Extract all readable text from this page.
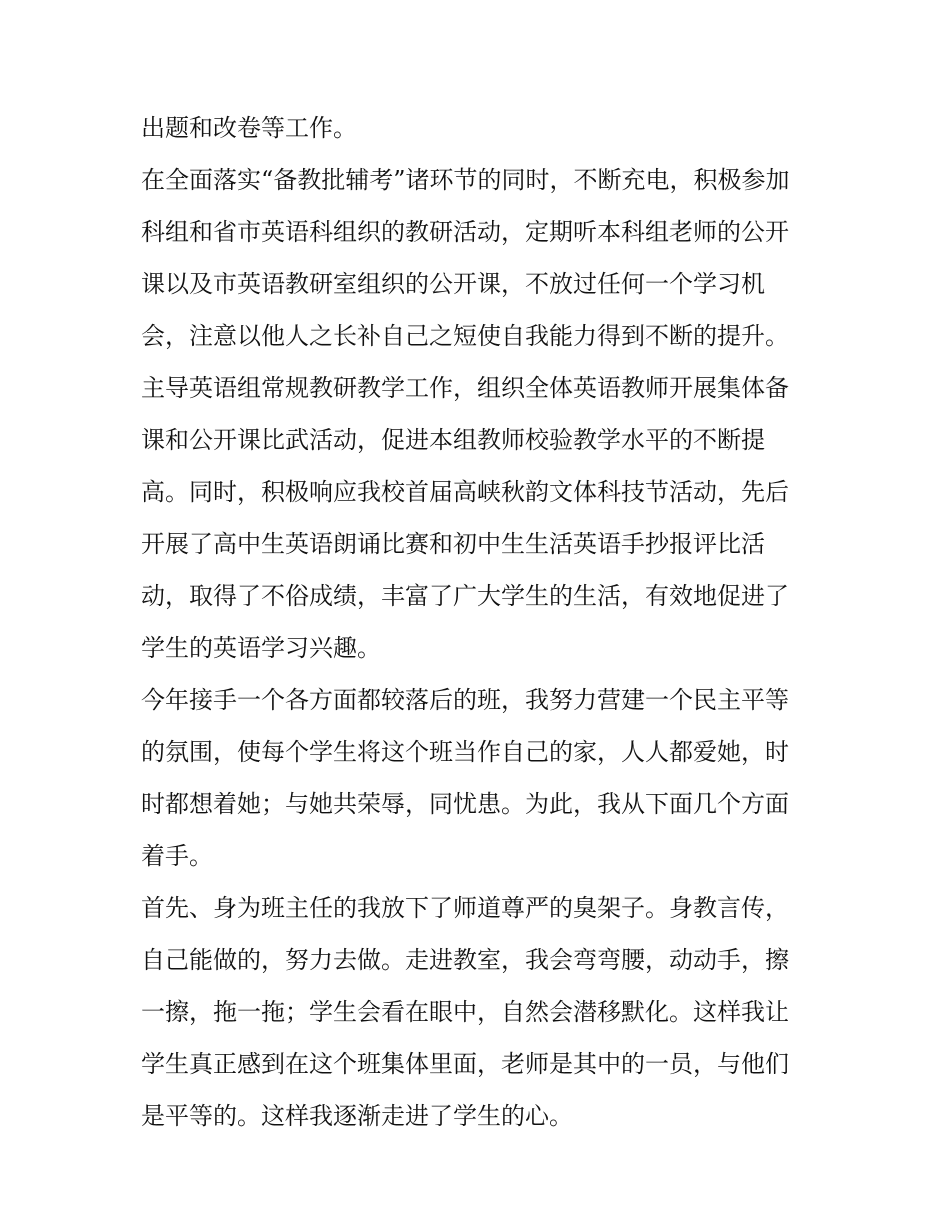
出题和改卷等工作。
在全面落实“备教批辅考”诸环节的同时，不断充电，积极参加
科组和省市英语科组织的教研活动，定期听本科组老师的公开
课以及市英语教研室组织的公开课，不放过任何一个学习机
会，注意以他人之长补自己之短使自我能力得到不断的提升。
主导英语组常规教研教学工作，组织全体英语教师开展集体备
课和公开课比武活动，促进本组教师校验教学水平的不断提
高。同时，积极响应我校首届高峡秋韵文体科技节活动，先后
开展了高中生英语朗诵比赛和初中生生活英语手抄报评比活
动，取得了不俗成绩，丰富了广大学生的生活，有效地促进了
学生的英语学习兴趣。
今年接手一个各方面都较落后的班，我努力营建一个民主平等
的氛围，使每个学生将这个班当作自己的家，人人都爱她，时
时都想着她；与她共荣辱，同忧患。为此，我从下面几个方面
着手。
首先、身为班主任的我放下了师道尊严的臭架子。身教言传，
自己能做的，努力去做。走进教室，我会弯弯腰，动动手，擦
一擦，拖一拖；学生会看在眼中，自然会潜移默化。这样我让
学生真正感到在这个班集体里面，老师是其中的一员，与他们
是平等的。这样我逐渐走进了学生的心。
